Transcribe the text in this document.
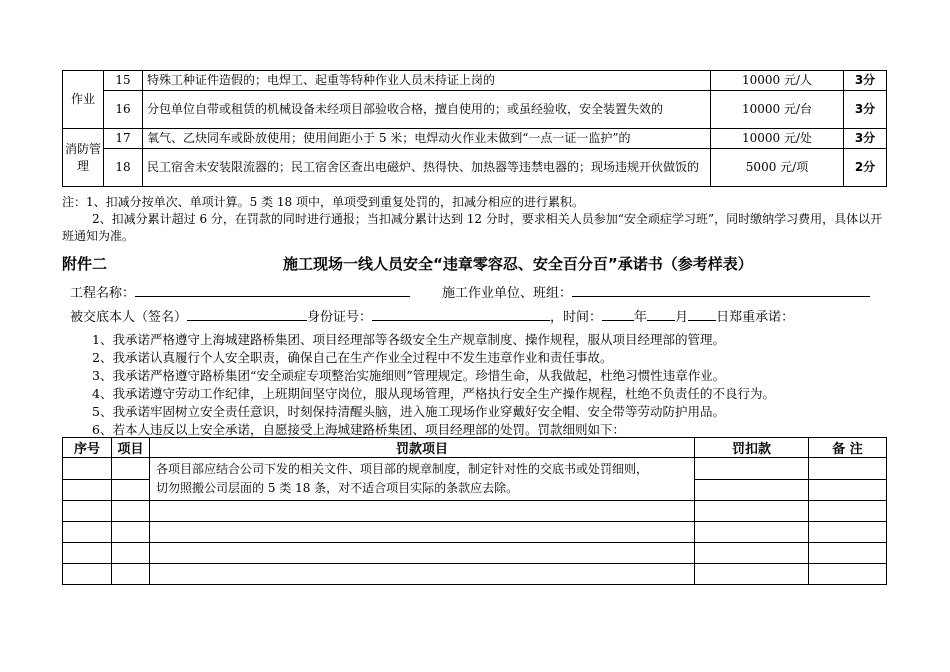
作业	15	特殊工种证件造假的；电焊工、起重等特种作业人员未持证上岗的	10000 元/人	3分
	16	分包单位自带或租赁的机械设备未经项目部验收合格，擅自使用的；或虽经验收，安全装置失效的	10000 元/台	3分
消防管理	17	氧气、乙炔同车或卧放使用；使用间距小于 5 米；电焊动火作业未做到“一点一证一监护”的	10000 元/处	3分
	18	民工宿舍未安装限流器的；民工宿舍区查出电磁炉、热得快、加热器等违禁电器的；现场违规开伙做饭的	5000 元/项	2分
注：1、扣减分按单次、单项计算。5 类 18 项中，单项受到重复处罚的，扣减分相应的进行累积。
2、扣减分累计超过 6 分，在罚款的同时进行通报；当扣减分累计达到 12 分时，要求相关人员参加“安全顽症学习班”，同时缴纳学习费用，具体以开班通知为准。
附件二	施工现场一线人员安全“违章零容忍、安全百分百”承诺书（参考样表）
工程名称：	施工作业单位、班组：
被交底本人（签名）	身份证号：	，时间： 年 月 日郑重承诺：
1、我承诺严格遵守上海城建路桥集团、项目经理部等各级安全生产规章制度、操作规程，服从项目经理部的管理。
2、我承诺认真履行个人安全职责，确保自己在生产作业全过程中不发生违章作业和责任事故。
3、我承诺严格遵守路桥集团“安全顽症专项整治实施细则”管理规定。珍惜生命，从我做起，杜绝习惯性违章作业。
4、我承诺遵守劳动工作纪律，上班期间坚守岗位，服从现场管理，严格执行安全生产操作规程，杜绝不负责任的不良行为。
5、我承诺牢固树立安全责任意识，时刻保持清醒头脑，进入施工现场作业穿戴好安全帽、安全带等劳动防护用品。
6、若本人违反以上安全承诺，自愿接受上海城建路桥集团、项目经理部的处罚。罚款细则如下：
序号	项目	罚款项目	罚扣款	备 注

		各项目部应结合公司下发的相关文件、项目部的规章制度，制定针对性的交底书或处罚细则，
切勿照搬公司层面的 5 类 18 条，对不适合项目实际的条款应去除。		
